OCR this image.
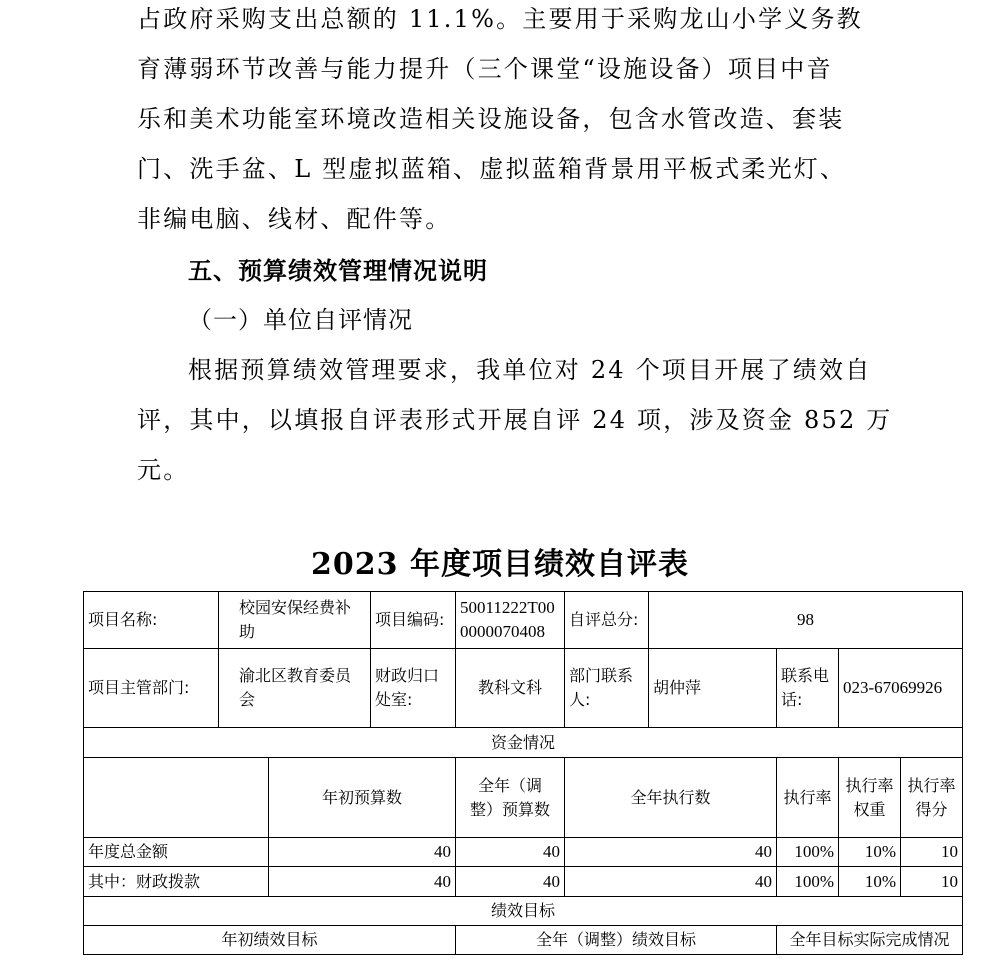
占政府采购支出总额的 11.1%。主要用于采购龙山小学义务教
育薄弱环节改善与能力提升（三个课堂“设施设备）项目中音
乐和美术功能室环境改造相关设施设备，包含水管改造、套装
门、洗手盆、L 型虚拟蓝箱、虚拟蓝箱背景用平板式柔光灯、
非编电脑、线材、配件等。
五、预算绩效管理情况说明
（一）单位自评情况
根据预算绩效管理要求，我单位对 24 个项目开展了绩效自
评，其中，以填报自评表形式开展自评 24 项，涉及资金 852 万
元。
2023 年度项目绩效自评表
项目名称:	校园安保经费补助		项目编码:	50011222T000000070408	自评总分:	98			
项目主管部门:	渝北区教育委员会		财政归口处室:	教科文科	部门联系人:	胡仲萍	联系电话:	023-67069926	
资金情况									
		年初预算数		全年（调整）预算数	全年执行数		执行率	执行率权重	执行率得分
年度总金额		40		40	40		100%	10%	10
其中：财政拨款		40		40	40		100%	10%	10
绩效目标									
年初绩效目标				全年（调整）绩效目标			全年目标实际完成情况		
